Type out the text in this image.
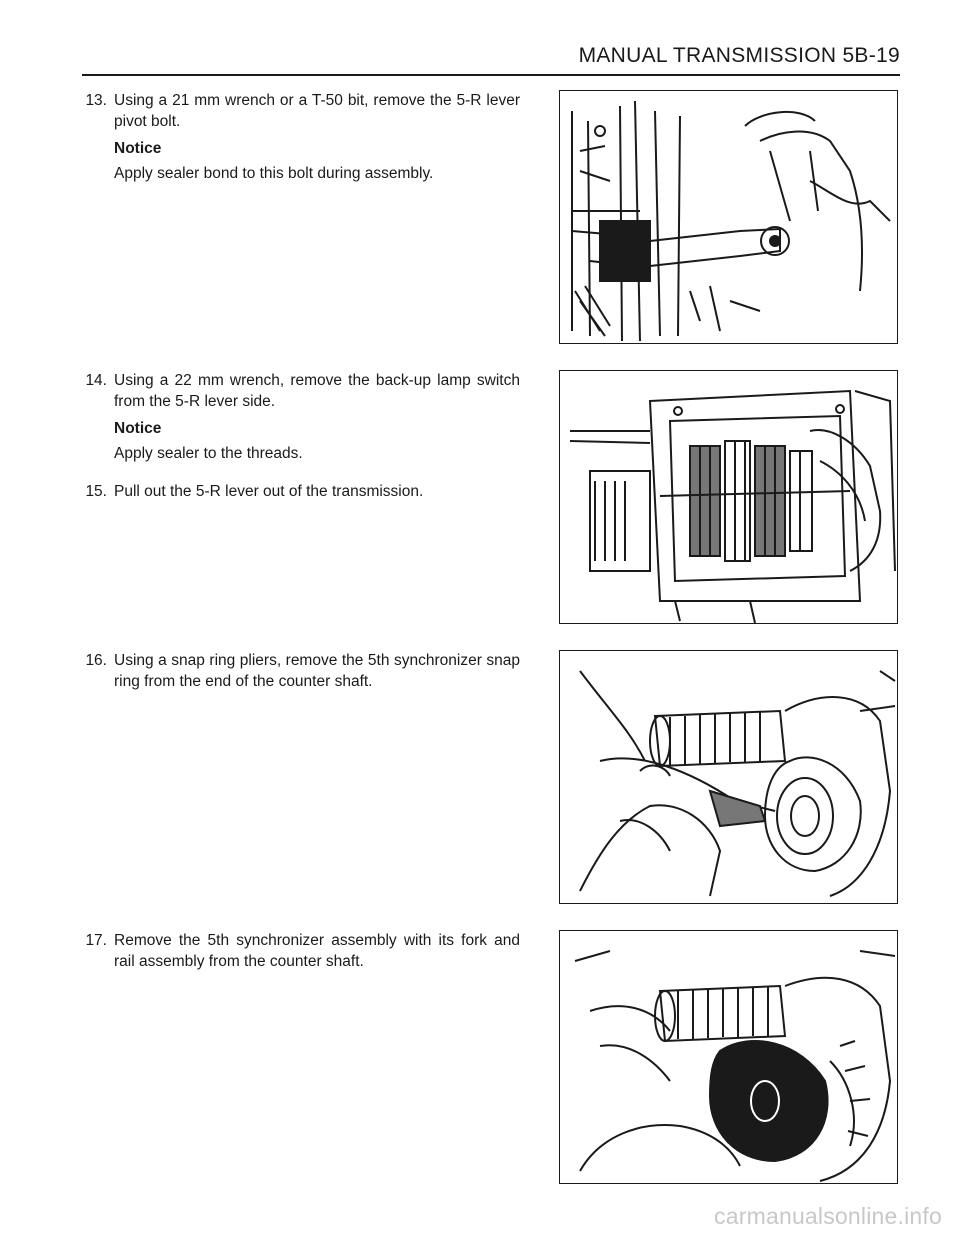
MANUAL TRANSMISSION 5B-19
13. Using a 21 mm wrench or a T-50 bit, remove the 5-R lever pivot bolt.
Notice
Apply sealer bond to this bolt during assembly.
14. Using a 22 mm wrench, remove the back-up lamp switch from the 5-R lever side.
Notice
Apply sealer to the threads.
15. Pull out the 5-R lever out of the transmission.
16. Using a snap ring pliers, remove the 5th synchronizer snap ring from the end of the counter shaft.
17. Remove the 5th synchronizer assembly with its fork and rail assembly from the counter shaft.
carmanualsonline.info
